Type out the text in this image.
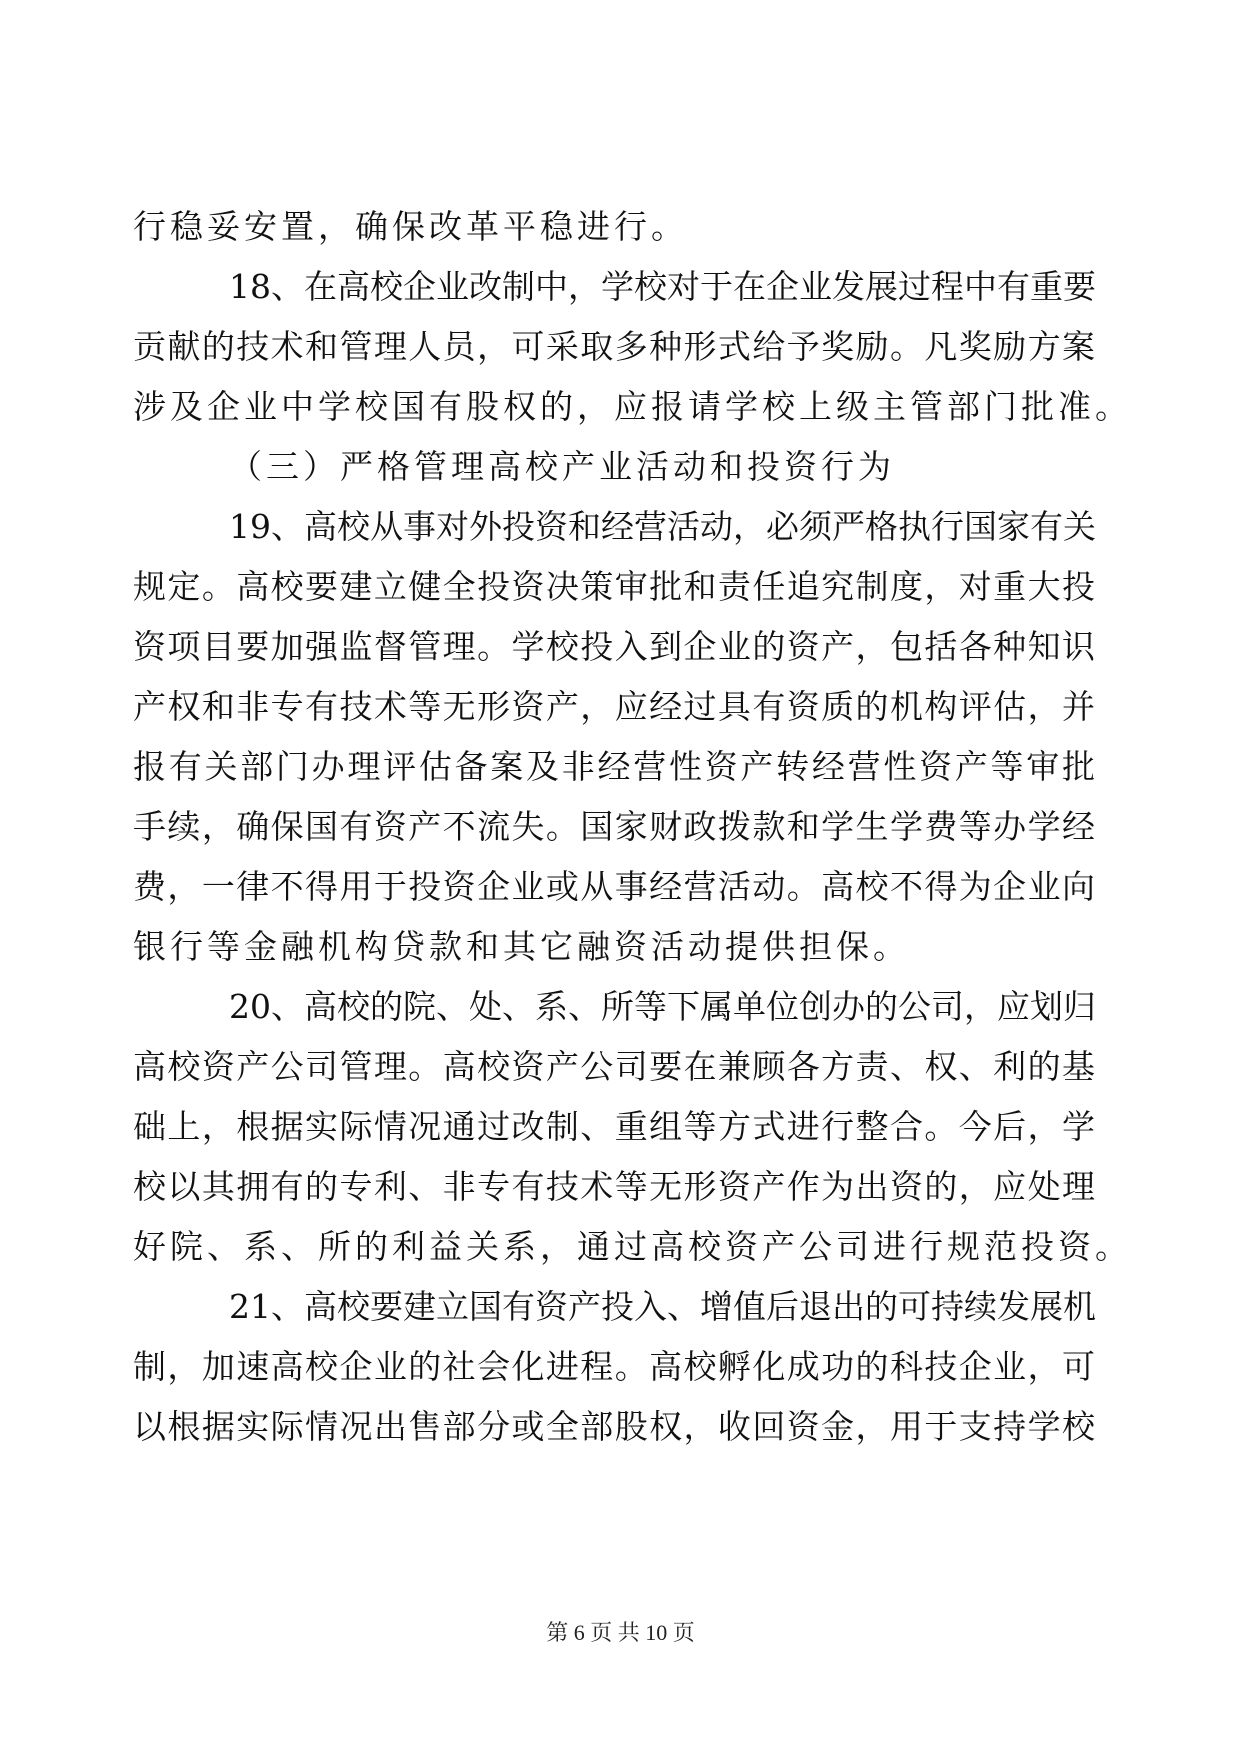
行稳妥安置，确保改革平稳进行。
18、在高校企业改制中，学校对于在企业发展过程中有重要
贡献的技术和管理人员，可采取多种形式给予奖励。凡奖励方案
涉及企业中学校国有股权的，应报请学校上级主管部门批准。
（三）严格管理高校产业活动和投资行为
19、高校从事对外投资和经营活动，必须严格执行国家有关
规定。高校要建立健全投资决策审批和责任追究制度，对重大投
资项目要加强监督管理。学校投入到企业的资产，包括各种知识
产权和非专有技术等无形资产，应经过具有资质的机构评估，并
报有关部门办理评估备案及非经营性资产转经营性资产等审批
手续，确保国有资产不流失。国家财政拨款和学生学费等办学经
费，一律不得用于投资企业或从事经营活动。高校不得为企业向
银行等金融机构贷款和其它融资活动提供担保。
20、高校的院、处、系、所等下属单位创办的公司，应划归
高校资产公司管理。高校资产公司要在兼顾各方责、权、利的基
础上，根据实际情况通过改制、重组等方式进行整合。今后，学
校以其拥有的专利、非专有技术等无形资产作为出资的，应处理
好院、系、所的利益关系，通过高校资产公司进行规范投资。
21、高校要建立国有资产投入、增值后退出的可持续发展机
制，加速高校企业的社会化进程。高校孵化成功的科技企业，可
以根据实际情况出售部分或全部股权，收回资金，用于支持学校
第 6 页 共 10 页
